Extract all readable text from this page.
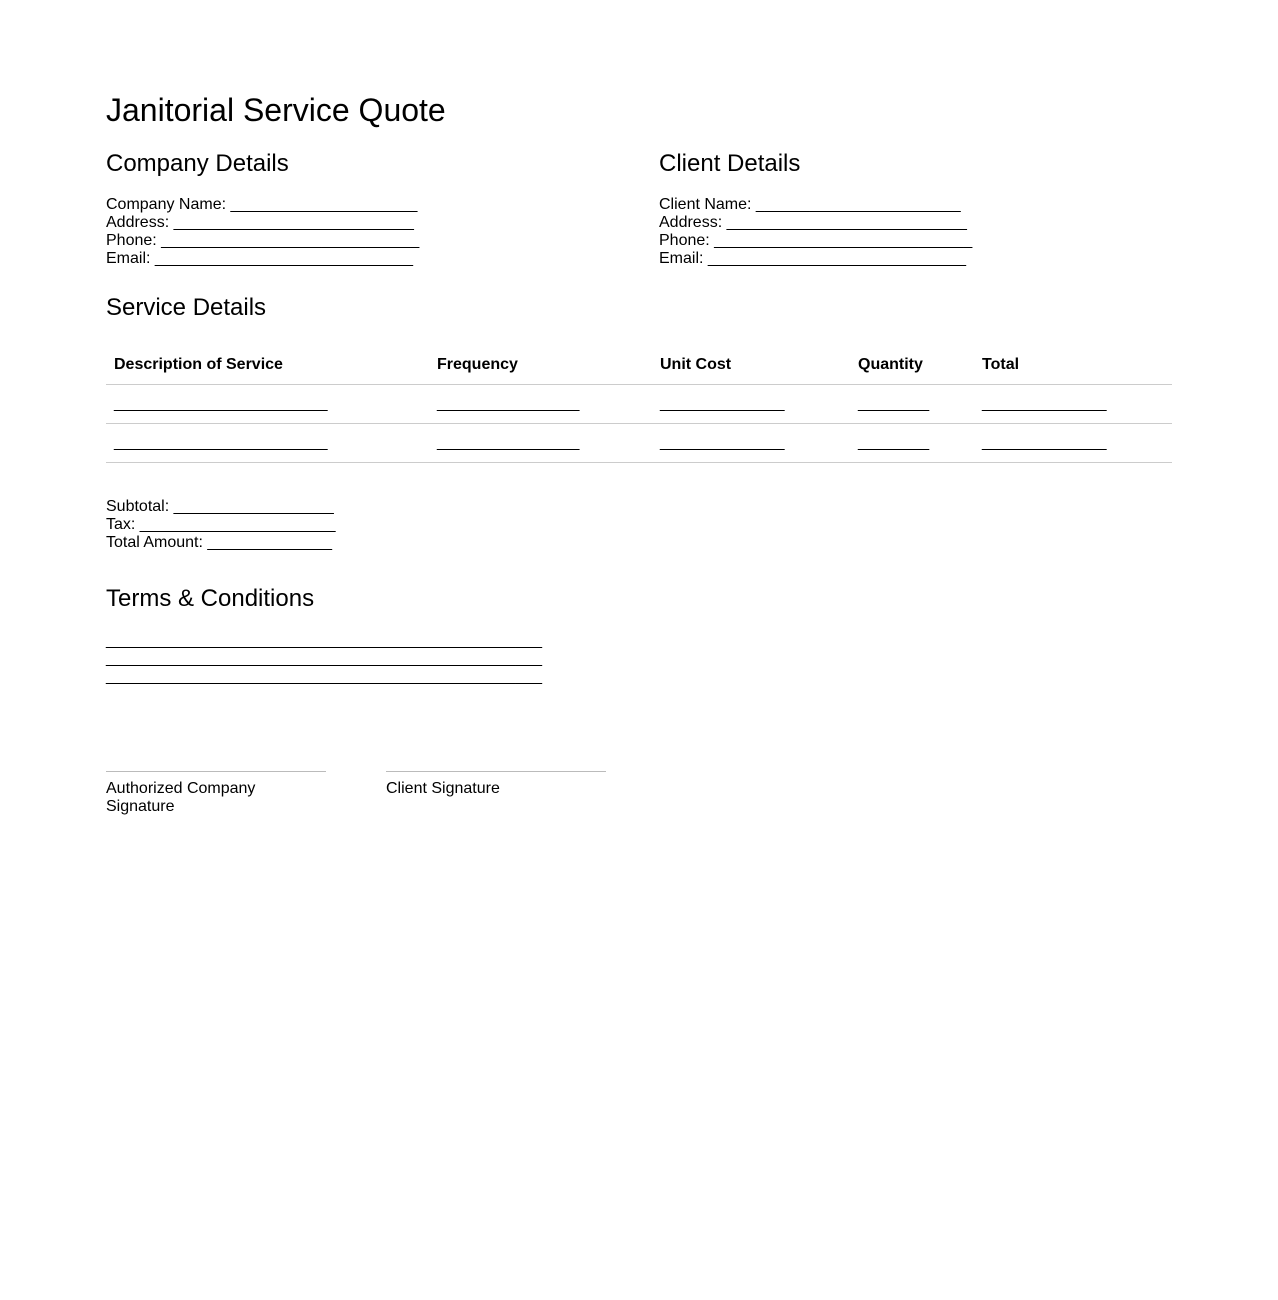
Janitorial Service Quote
Company Details
Company Name: _____________________
Address: ___________________________
Phone: _____________________________
Email: _____________________________
Client Details
Client Name: _______________________
Address: ___________________________
Phone: _____________________________
Email: _____________________________
Service Details
Description of Service	Frequency	Unit Cost	Quantity	Total
________________________	________________	______________	________	______________
________________________	________________	______________	________	______________
Subtotal: __________________
Tax: ______________________
Total Amount: ______________
Terms & Conditions
_________________________________________________
_________________________________________________
_________________________________________________
Authorized Company Signature
Client Signature
